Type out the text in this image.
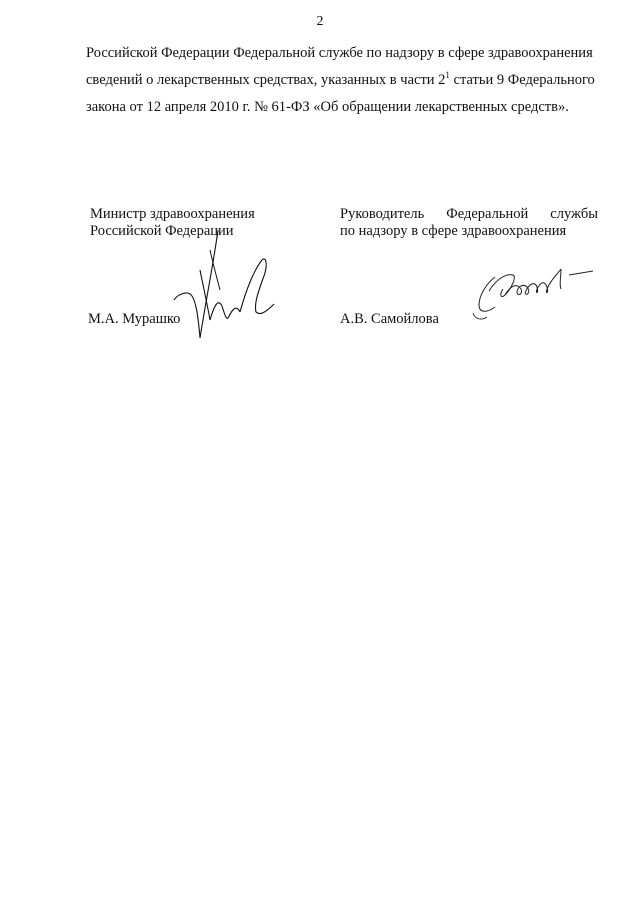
2
Российской Федерации Федеральной службе по надзору в сфере здравоохранения
сведений о лекарственных средствах, указанных в части $2^1$ статьи 9 Федерального
закона от 12 апреля 2010 г. № 61-ФЗ «Об обращении лекарственных средств».
Министр здравоохранения
Российской Федерации
Руководитель Федеральной службы
по надзору в сфере здравоохранения
М.А. Мурашко	А.В. Самойлова
